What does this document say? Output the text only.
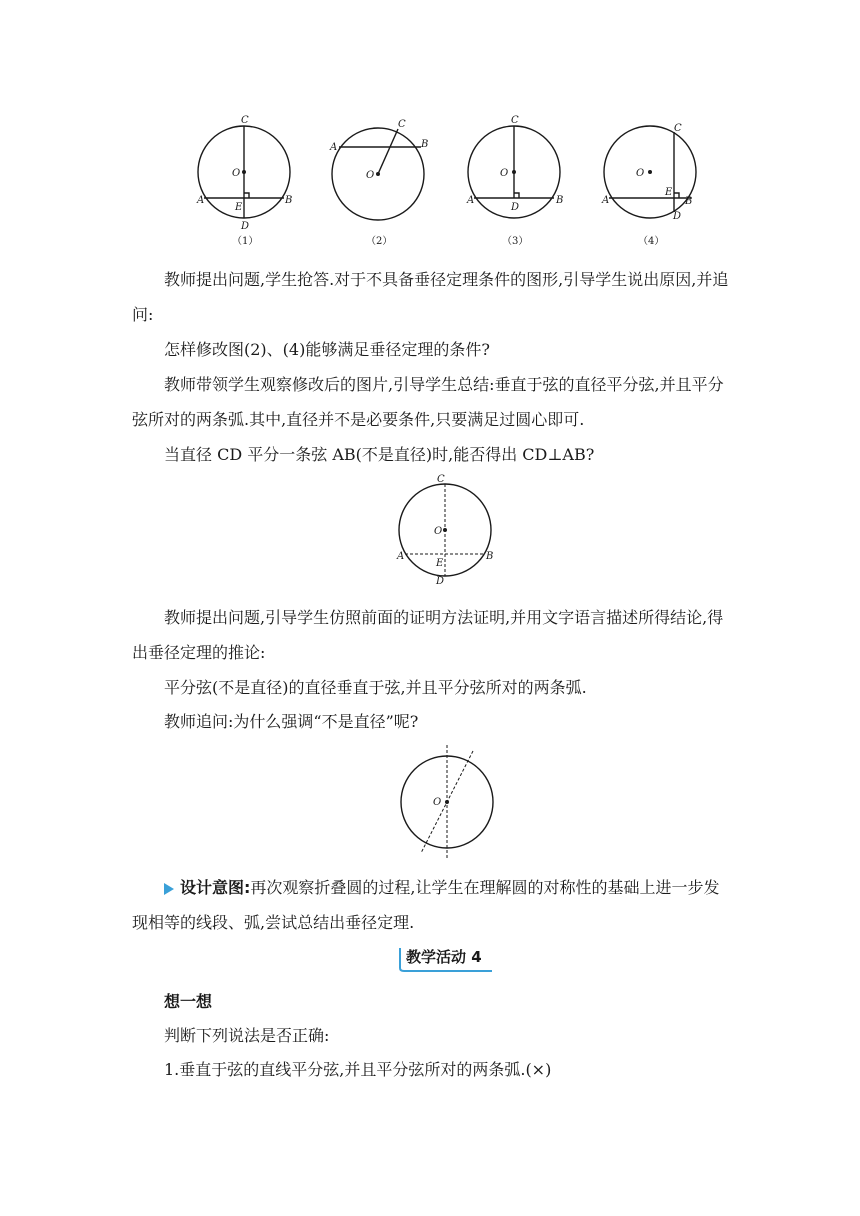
C
O
A
E
B
D
（1）
A
C
B
O
（2）
C
O
A	B
D
（3）
C
O
E
A	B
D
（4）
教师提出问题,学生抢答.对于不具备垂径定理条件的图形,引导学生说出原因,并追问:
怎样修改图(2)、(4)能够满足垂径定理的条件?
教师带领学生观察修改后的图片,引导学生总结:垂直于弦的直径平分弦,并且平分弦所对的两条弧.其中,直径并不是必要条件,只要满足过圆心即可.
当直径 CD 平分一条弦 AB(不是直径)时,能否得出 CD⊥AB?
C
O
A	B
E
D
教师提出问题,引导学生仿照前面的证明方法证明,并用文字语言描述所得结论,得出垂径定理的推论:
平分弦(不是直径)的直径垂直于弦,并且平分弦所对的两条弧.
教师追问:为什么强调“不是直径”呢?
O
设计意图:再次观察折叠圆的过程,让学生在理解圆的对称性的基础上进一步发现相等的线段、弧,尝试总结出垂径定理.
教学活动 4
想一想
判断下列说法是否正确:
1.垂直于弦的直线平分弦,并且平分弦所对的两条弧.(×)
